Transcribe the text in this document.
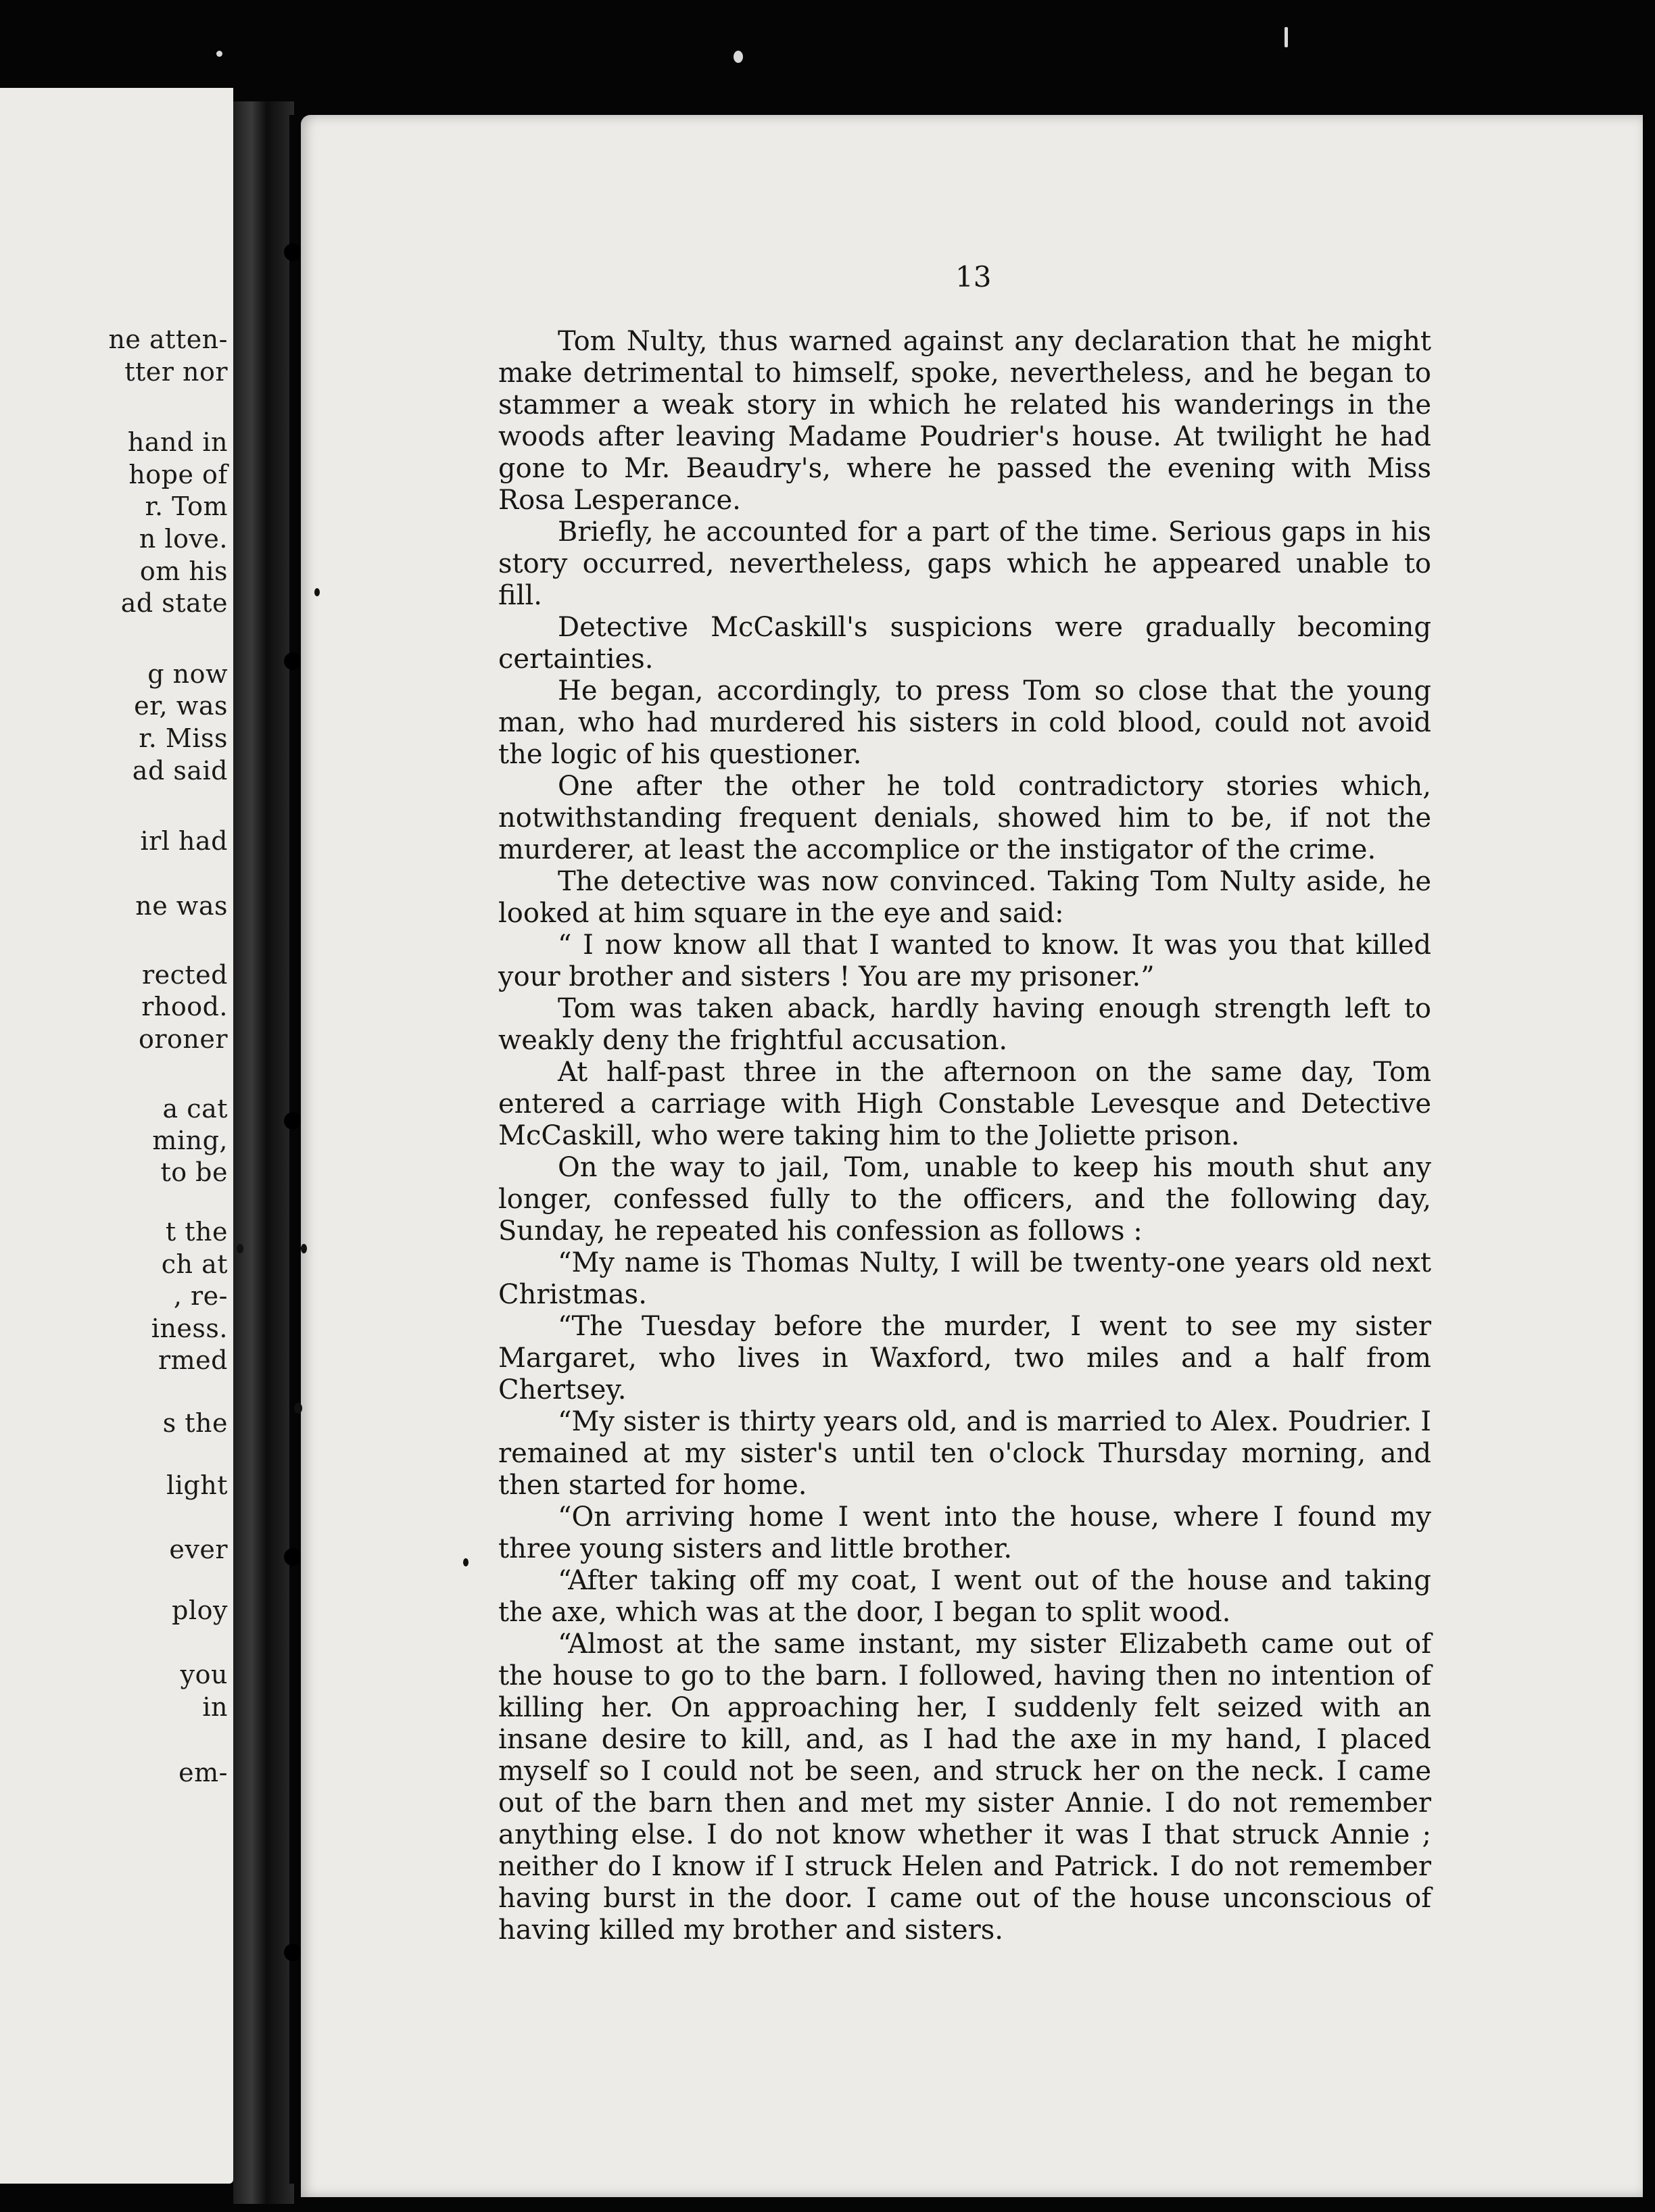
ne atten-
tter nor
hand in
hope of
r. Tom
n love.
om his
ad state
g now
er, was
r. Miss
ad said
irl had
ne was
rected
rhood.
oroner
a cat
ming,
to be
t the
ch at
, re-
iness.
rmed
s the
light
ever
ploy
you
in
em-
13

Tom Nulty, thus warned against any declaration that he might make detrimental to himself, spoke, nevertheless, and he began to stammer a weak story in which he related his wanderings in the woods after leaving Madame Poudrier's house. At twilight he had gone to Mr. Beaudry's, where he passed the evening with Miss Rosa Lesperance.

Briefly, he accounted for a part of the time. Serious gaps in his story occurred, nevertheless, gaps which he appeared unable to fill.

Detective McCaskill's suspicions were gradually becoming certainties.

He began, accordingly, to press Tom so close that the young man, who had murdered his sisters in cold blood, could not avoid the logic of his questioner.

One after the other he told contradictory stories which, notwithstanding frequent denials, showed him to be, if not the murderer, at least the accomplice or the instigator of the crime.

The detective was now convinced. Taking Tom Nulty aside, he looked at him square in the eye and said:

“ I now know all that I wanted to know. It was you that killed your brother and sisters ! You are my prisoner.”

Tom was taken aback, hardly having enough strength left to weakly deny the frightful accusation.

At half-past three in the afternoon on the same day, Tom entered a carriage with High Constable Levesque and Detective McCaskill, who were taking him to the Joliette prison.

On the way to jail, Tom, unable to keep his mouth shut any longer, confessed fully to the officers, and the following day, Sunday, he repeated his confession as follows :

“My name is Thomas Nulty, I will be twenty-one years old next Christmas.

“The Tuesday before the murder, I went to see my sister Margaret, who lives in Waxford, two miles and a half from Chertsey.

“My sister is thirty years old, and is married to Alex. Poudrier. I remained at my sister's until ten o'clock Thursday morning, and then started for home.

“On arriving home I went into the house, where I found my three young sisters and little brother.

“After taking off my coat, I went out of the house and taking the axe, which was at the door, I began to split wood.

“Almost at the same instant, my sister Elizabeth came out of the house to go to the barn. I followed, having then no intention of killing her. On approaching her, I suddenly felt seized with an insane desire to kill, and, as I had the axe in my hand, I placed myself so I could not be seen, and struck her on the neck. I came out of the barn then and met my sister Annie. I do not remember anything else. I do not know whether it was I that struck Annie ; neither do I know if I struck Helen and Patrick. I do not remember having burst in the door. I came out of the house unconscious of having killed my brother and sisters.
